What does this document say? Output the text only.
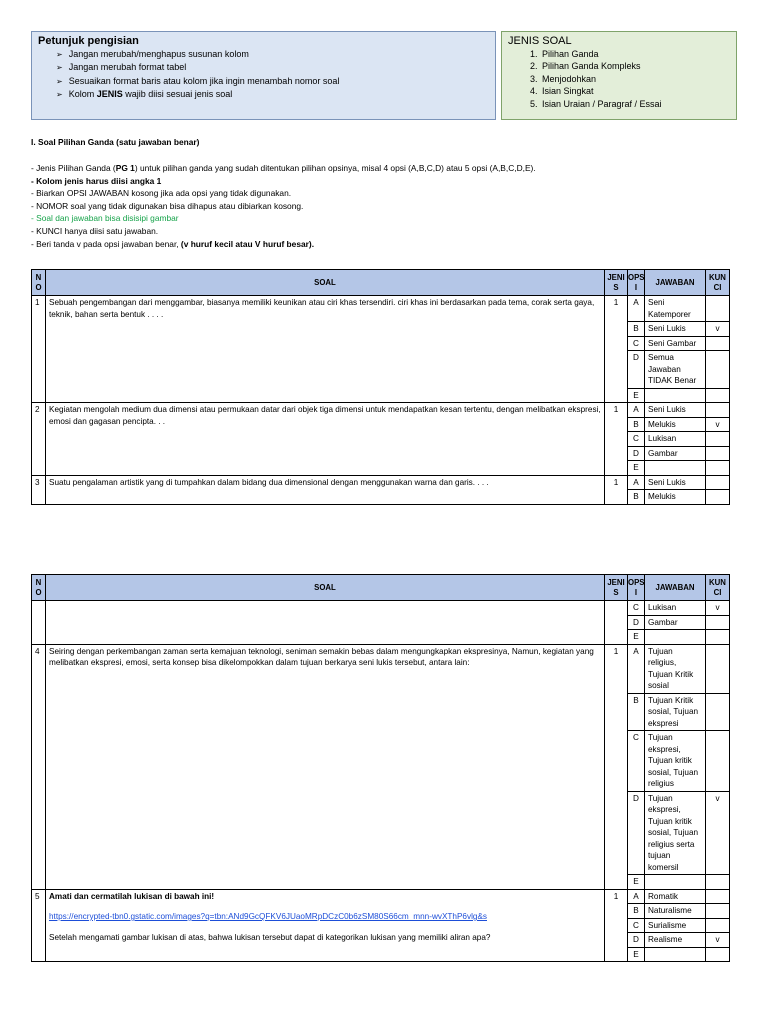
Petunjuk pengisian
➢ Jangan merubah/menghapus susunan kolom
➢ Jangan merubah format tabel
➢ Sesuaikan format baris atau kolom jika ingin menambah nomor soal
➢ Kolom JENIS wajib diisi sesuai jenis soal
JENIS SOAL
1. Pilihan Ganda
2. Pilihan Ganda Kompleks
3. Menjodohkan
4. Isian Singkat
5. Isian Uraian / Paragraf / Essai

I. Soal Pilihan Ganda (satu jawaban benar)

- Jenis Pilihan Ganda (PG 1) untuk pilihan ganda yang sudah ditentukan pilihan opsinya, misal 4 opsi (A,B,C,D) atau 5 opsi (A,B,C,D,E).

- Kolom jenis harus diisi angka 1

- Biarkan OPSI JAWABAN kosong jika ada opsi yang tidak digunakan.

- NOMOR soal yang tidak digunakan bisa dihapus atau dibiarkan kosong.

- Soal dan jawaban bisa disisipi gambar

- KUNCI hanya diisi satu jawaban.

- Beri tanda v pada opsi jawaban benar, (v huruf kecil atau V huruf besar).

N O	SOAL	JENI S	OPS I	JAWABAN	KUN CI
1	Sebuah pengembangan dari menggambar, biasanya memiliki keunikan atau ciri khas tersendiri. ciri khas ini berdasarkan pada tema, corak serta gaya, teknik, bahan serta bentuk . . . .	1	A	Seni Katemporer	
			B	Seni Lukis	v
			C	Seni Gambar	
			D	Semua Jawaban TIDAK Benar	
			E		
2	Kegiatan mengolah medium dua dimensi atau permukaan datar dari objek tiga dimensi untuk mendapatkan kesan tertentu, dengan melibatkan ekspresi, emosi dan gagasan pencipta. . .	1	A	Seni Lukis	
			B	Melukis	v
			C	Lukisan	
			D	Gambar	
			E		
3	Suatu pengalaman artistik yang di tumpahkan dalam bidang dua dimensional dengan menggunakan warna dan garis. . . .	1	A	Seni Lukis	
			B	Melukis	
N O	SOAL	JENI S	OPS I	JAWABAN	KUN CI
			C	Lukisan	v
			D	Gambar	
			E		
4	Seiring dengan perkembangan zaman serta kemajuan teknologi, seniman semakin bebas dalam mengungkapkan ekspresinya, Namun, kegiatan yang melibatkan ekspresi, emosi, serta konsep bisa dikelompokkan dalam tujuan berkarya seni lukis tersebut, antara lain:	1	A	Tujuan religius, Tujuan Kritik sosial	
			B	Tujuan Kritik sosial, Tujuan ekspresi	
			C	Tujuan ekspresi, Tujuan kritik sosial, Tujuan religius	
			D	Tujuan ekspresi, Tujuan kritik sosial, Tujuan religius serta tujuan komersil	v
			E		
5	Amati dan cermatilah lukisan di bawah ini!
https://encrypted-tbn0.gstatic.com/images?q=tbn:ANd9GcQFKV6JUaoMRpDCzC0b6zSM80S66cm_mnn-wvXThP6vlg&s
Setelah mengamati gambar lukisan di atas, bahwa lukisan tersebut dapat di kategorikan lukisan yang memiliki aliran apa?	1	A	Romatik	
			B	Naturalisme	
			C	Surialisme	
			D	Realisme	v
			E		
